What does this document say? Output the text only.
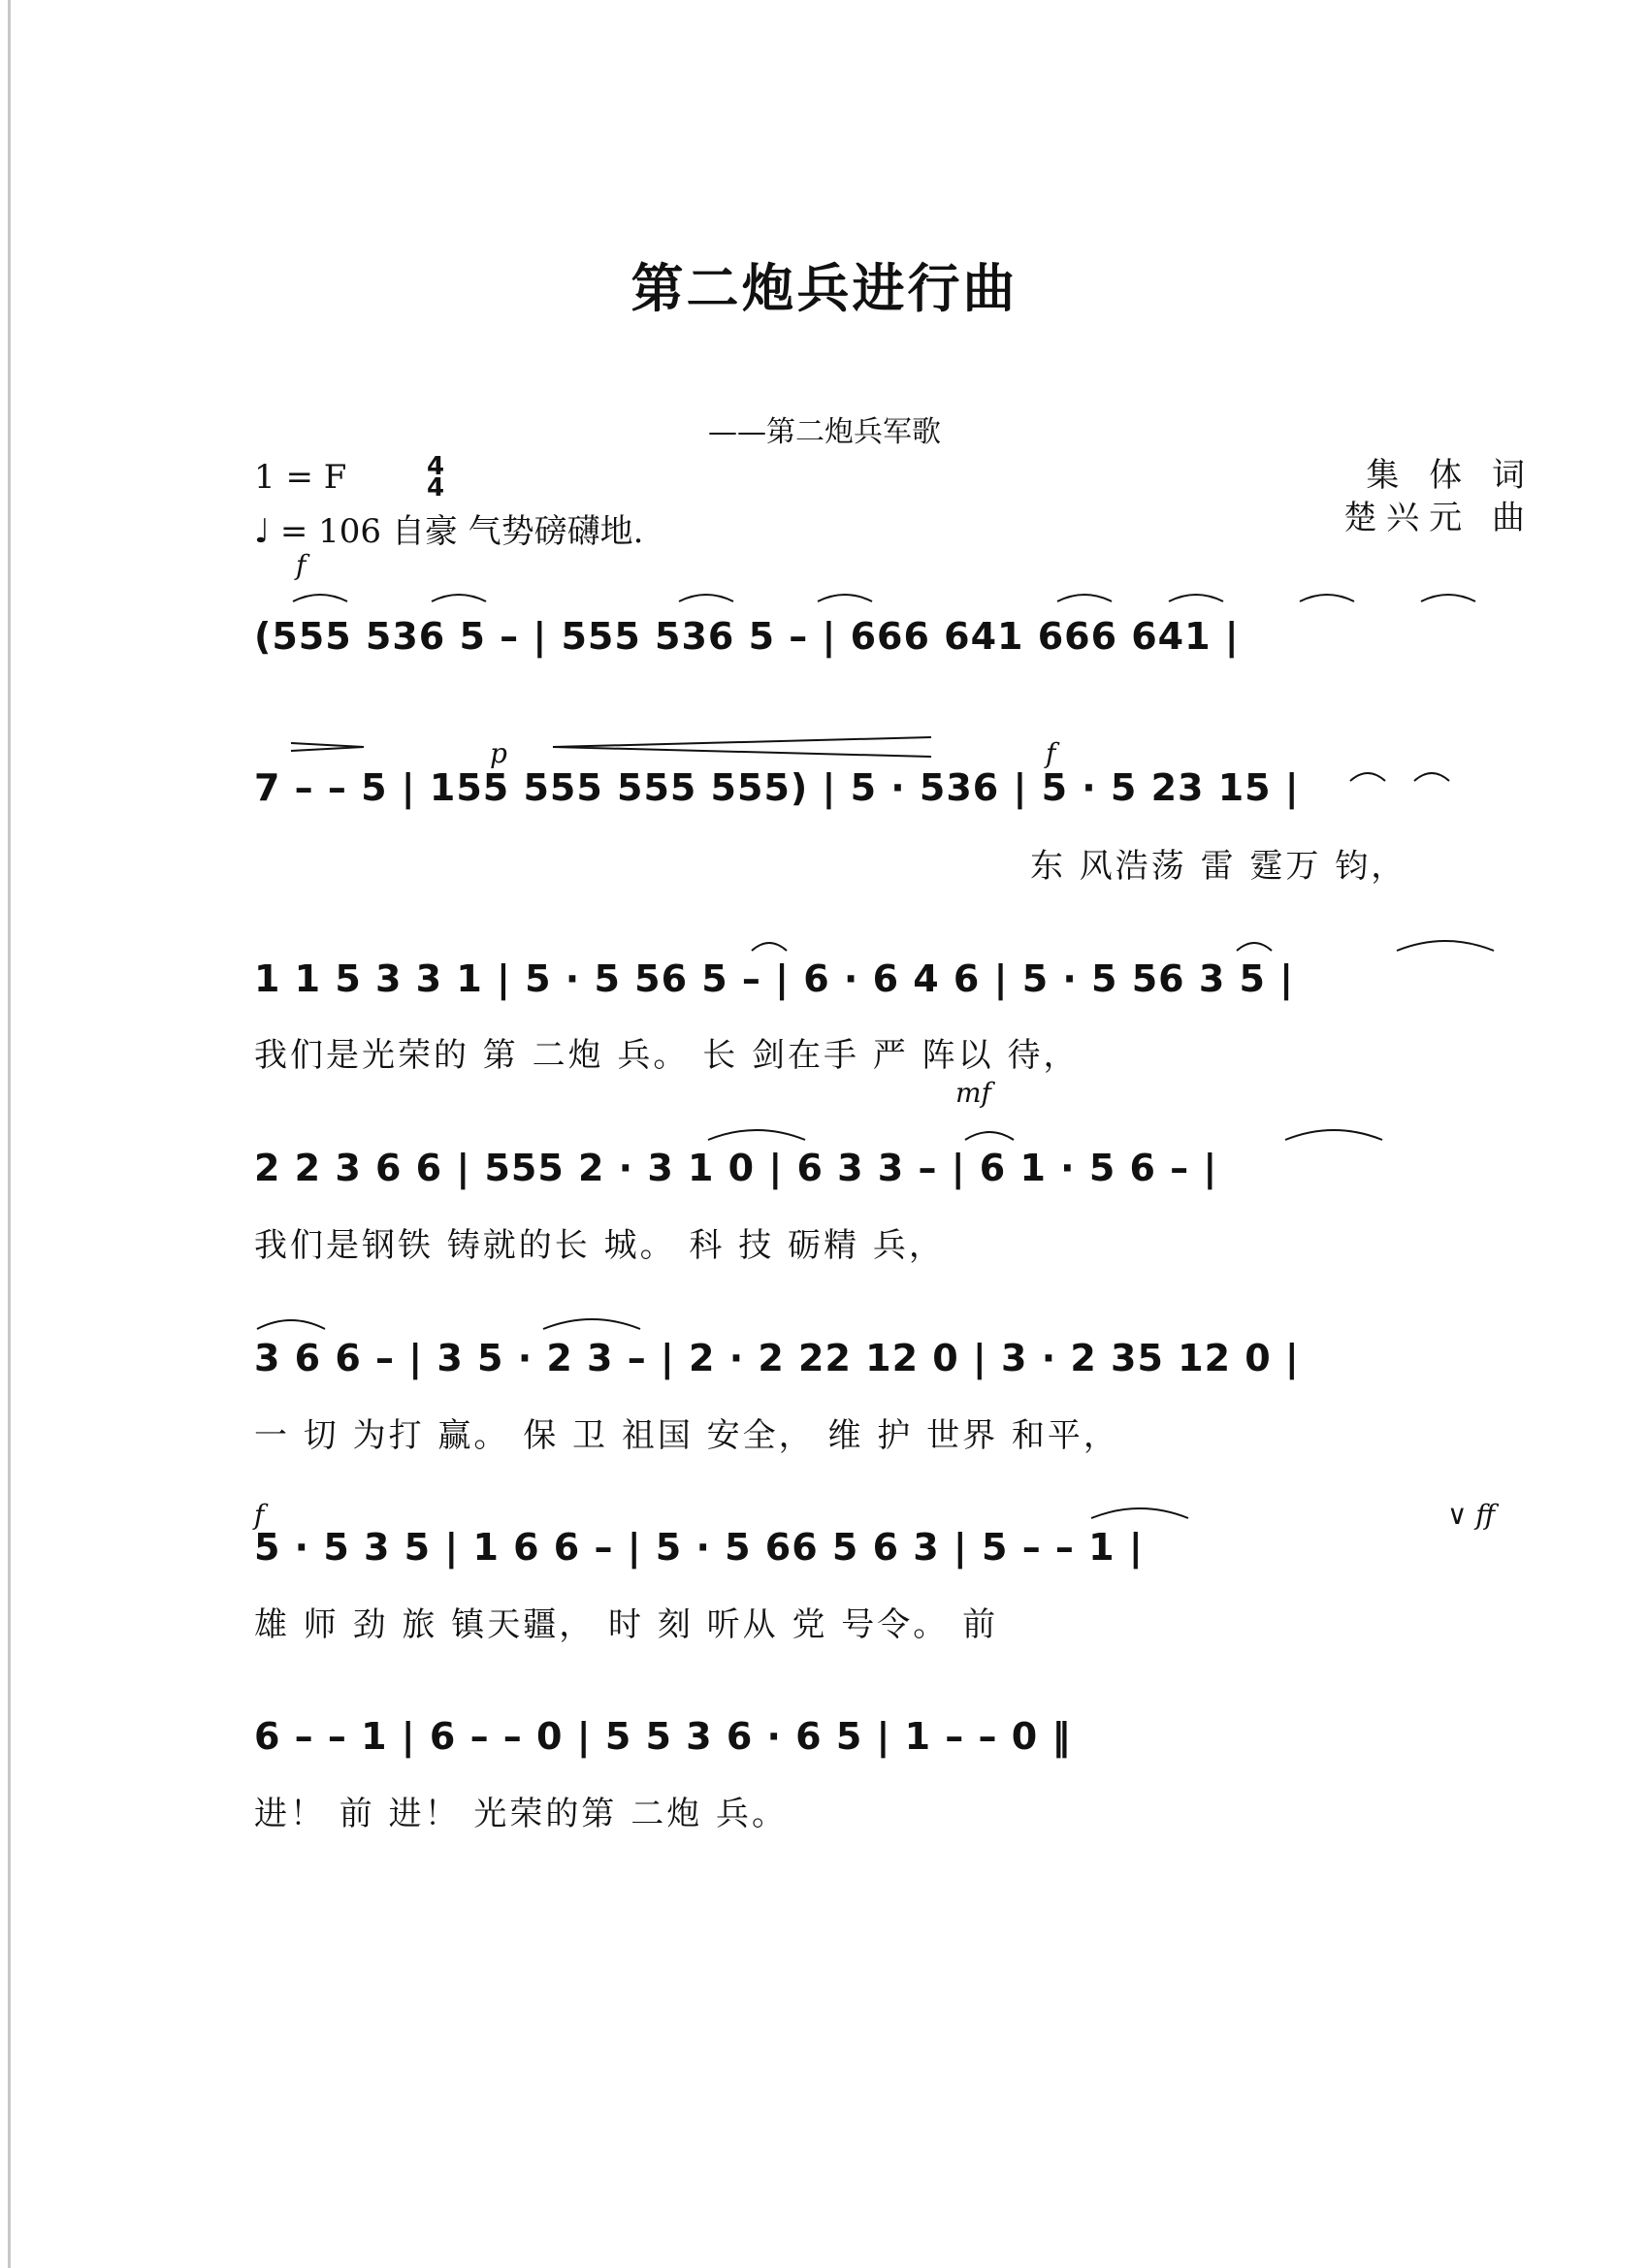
第二炮兵进行曲
——第二炮兵军歌
1 = F	4
4
♩ = 106 自豪 气势磅礴地.
集 体 词
楚兴元 曲
f
p	f
mf
f	∨ ff
(555 536 5 – | 555 536 5 – | 666 641 666 641 |
7 – – 5 | 155 555 555 555) | 5 · 536 | 5 · 5 23 15 |
东 风浩荡 雷 霆万 钧，
1 1 5 3 3 1 | 5 · 5 56 5 – | 6 · 6 4 6 | 5 · 5 56 3 5 |
我们是光荣的 第 二炮 兵。 长 剑在手 严 阵以 待，
2 2 3 6 6 | 555 2 · 3 1 0 | 6 3 3 – | 6 1 · 5 6 – |
我们是钢铁 铸就的长 城。 科 技 砺精 兵，
3 6 6 – | 3 5 · 2 3 – | 2 · 2 22 12 0 | 3 · 2 35 12 0 |
一 切 为打 赢。 保 卫 祖国 安全， 维 护 世界 和平，
5 · 5 3 5 | 1 6 6 – | 5 · 5 66 5 6 3 | 5 – – 1 |
雄 师 劲 旅 镇天疆， 时 刻 听从 党 号令。 前
6 – – 1 | 6 – – 0 | 5 5 3 6 · 6 5 | 1 – – 0 ‖
进！ 前 进！ 光荣的第 二炮 兵。
